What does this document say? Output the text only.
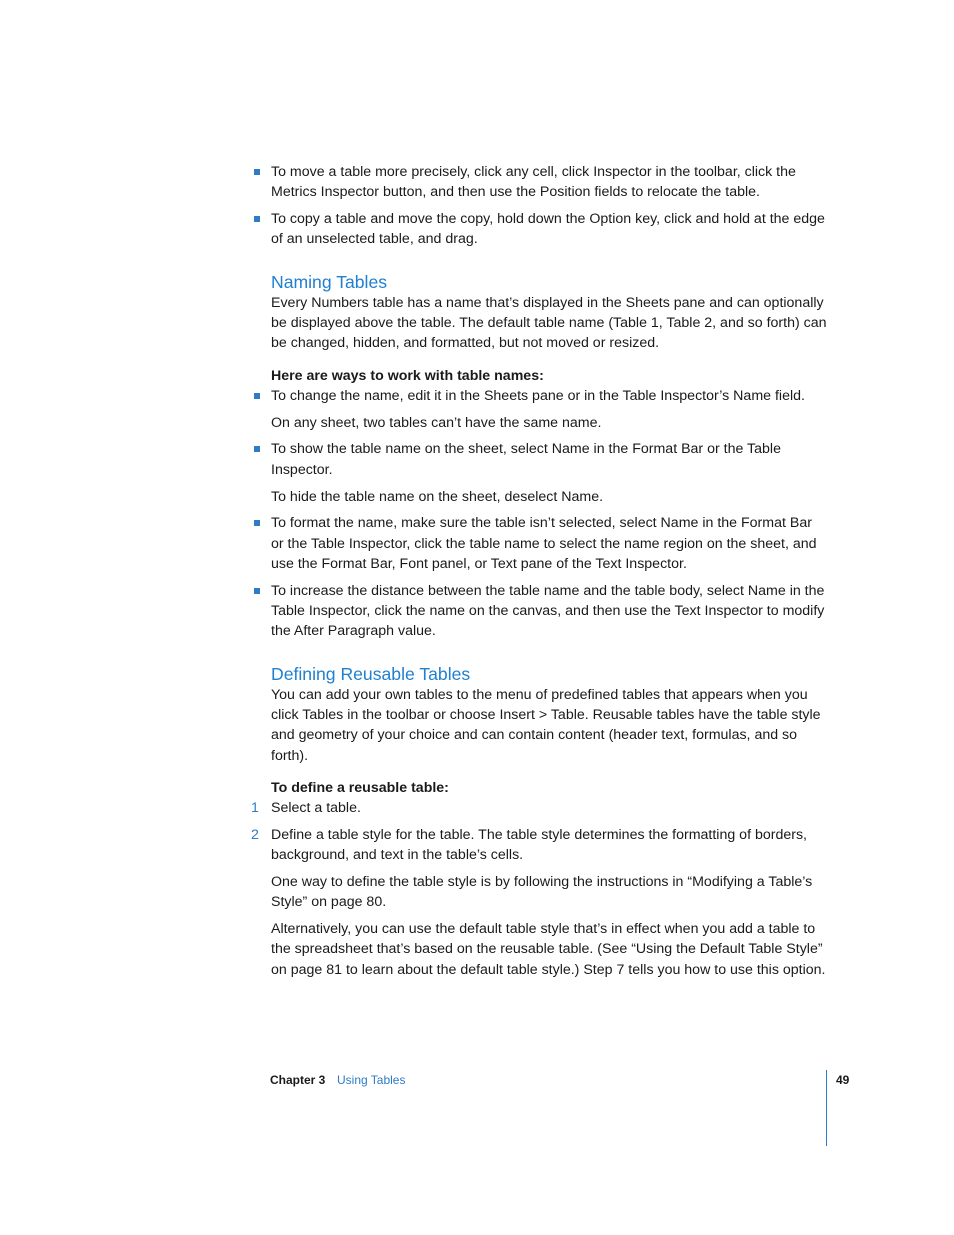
To move a table more precisely, click any cell, click Inspector in the toolbar, click the Metrics Inspector button, and then use the Position fields to relocate the table.
To copy a table and move the copy, hold down the Option key, click and hold at the edge of an unselected table, and drag.
Naming Tables
Every Numbers table has a name that’s displayed in the Sheets pane and can optionally be displayed above the table. The default table name (Table 1, Table 2, and so forth) can be changed, hidden, and formatted, but not moved or resized.
Here are ways to work with table names:
To change the name, edit it in the Sheets pane or in the Table Inspector’s Name field.
On any sheet, two tables can’t have the same name.
To show the table name on the sheet, select Name in the Format Bar or the Table Inspector.
To hide the table name on the sheet, deselect Name.
To format the name, make sure the table isn’t selected, select Name in the Format Bar or the Table Inspector, click the table name to select the name region on the sheet, and use the Format Bar, Font panel, or Text pane of the Text Inspector.
To increase the distance between the table name and the table body, select Name in the Table Inspector, click the name on the canvas, and then use the Text Inspector to modify the After Paragraph value.
Defining Reusable Tables
You can add your own tables to the menu of predefined tables that appears when you click Tables in the toolbar or choose Insert > Table. Reusable tables have the table style and geometry of your choice and can contain content (header text, formulas, and so forth).
To define a reusable table:
1 Select a table.
2 Define a table style for the table. The table style determines the formatting of borders, background, and text in the table’s cells.
One way to define the table style is by following the instructions in “Modifying a Table’s Style” on page 80.
Alternatively, you can use the default table style that’s in effect when you add a table to the spreadsheet that’s based on the reusable table. (See “Using the Default Table Style” on page 81 to learn about the default table style.) Step 7 tells you how to use this option.
Chapter 3 Using Tables	49
